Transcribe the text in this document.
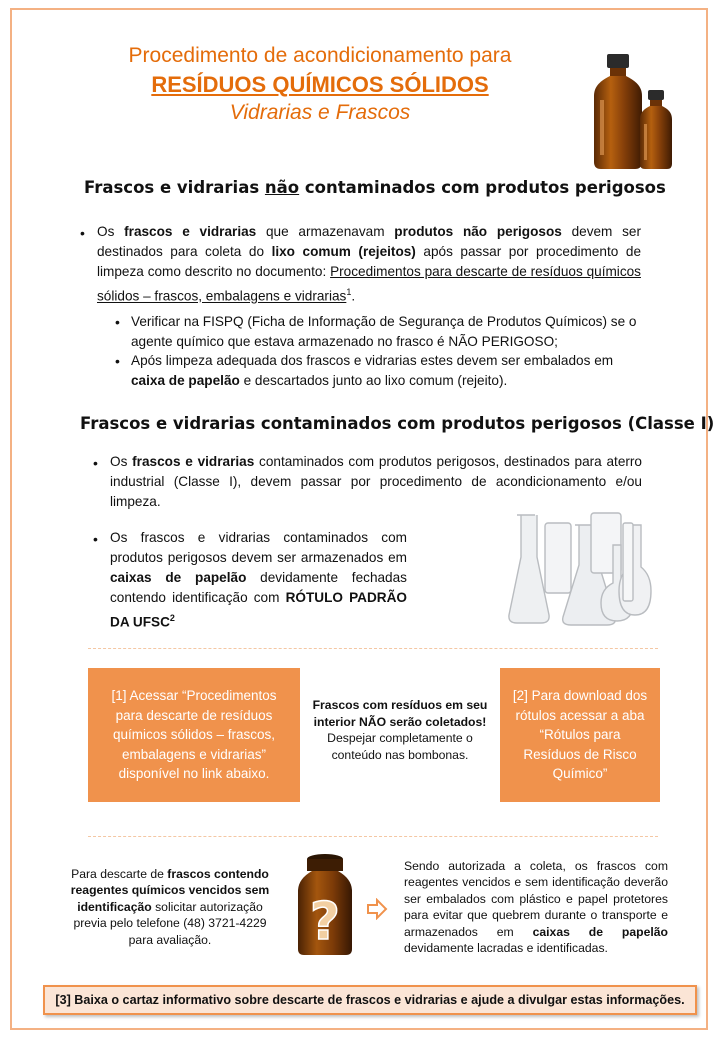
Procedimento de acondicionamento para
RESÍDUOS QUÍMICOS SÓLIDOS
Vidrarias e Frascos
Frascos e vidrarias não contaminados com produtos perigosos
• Os frascos e vidrarias que armazenavam produtos não perigosos devem ser destinados para coleta do lixo comum (rejeitos) após passar por procedimento de limpeza como descrito no documento: Procedimentos para descarte de resíduos químicos sólidos – frascos, embalagens e vidrarias$^1$.
• Verificar na FISPQ (Ficha de Informação de Segurança de Produtos Químicos) se o agente químico que estava armazenado no frasco é NÃO PERIGOSO;
• Após limpeza adequada dos frascos e vidrarias estes devem ser embalados em caixa de papelão e descartados junto ao lixo comum (rejeito).
Frascos e vidrarias contaminados com produtos perigosos (Classe I)
• Os frascos e vidrarias contaminados com produtos perigosos, destinados para aterro industrial (Classe I), devem passar por procedimento de acondicionamento e/ou limpeza.
• Os frascos e vidrarias contaminados com produtos perigosos devem ser armazenados em caixas de papelão devidamente fechadas contendo identificação com RÓTULO PADRÃO DA UFSC$^2$
[1] Acessar “Procedimentos para descarte de resíduos químicos sólidos – frascos, embalagens e vidrarias” disponível no link abaixo.
Frascos com resíduos em seu interior NÃO serão coletados!
Despejar completamente o conteúdo nas bombonas.
[2] Para download dos rótulos acessar a aba “Rótulos para Resíduos de Risco Químico”
Para descarte de frascos contendo reagentes químicos vencidos sem identificação solicitar autorização previa pelo telefone (48) 3721-4229 para avaliação.	?
Sendo autorizada a coleta, os frascos com reagentes vencidos e sem identificação deverão ser embalados com plástico e papel protetores para evitar que quebrem durante o transporte e armazenados em caixas de papelão devidamente lacradas e identificadas.
[3] Baixa o cartaz informativo sobre descarte de frascos e vidrarias e ajude a divulgar estas informações.
